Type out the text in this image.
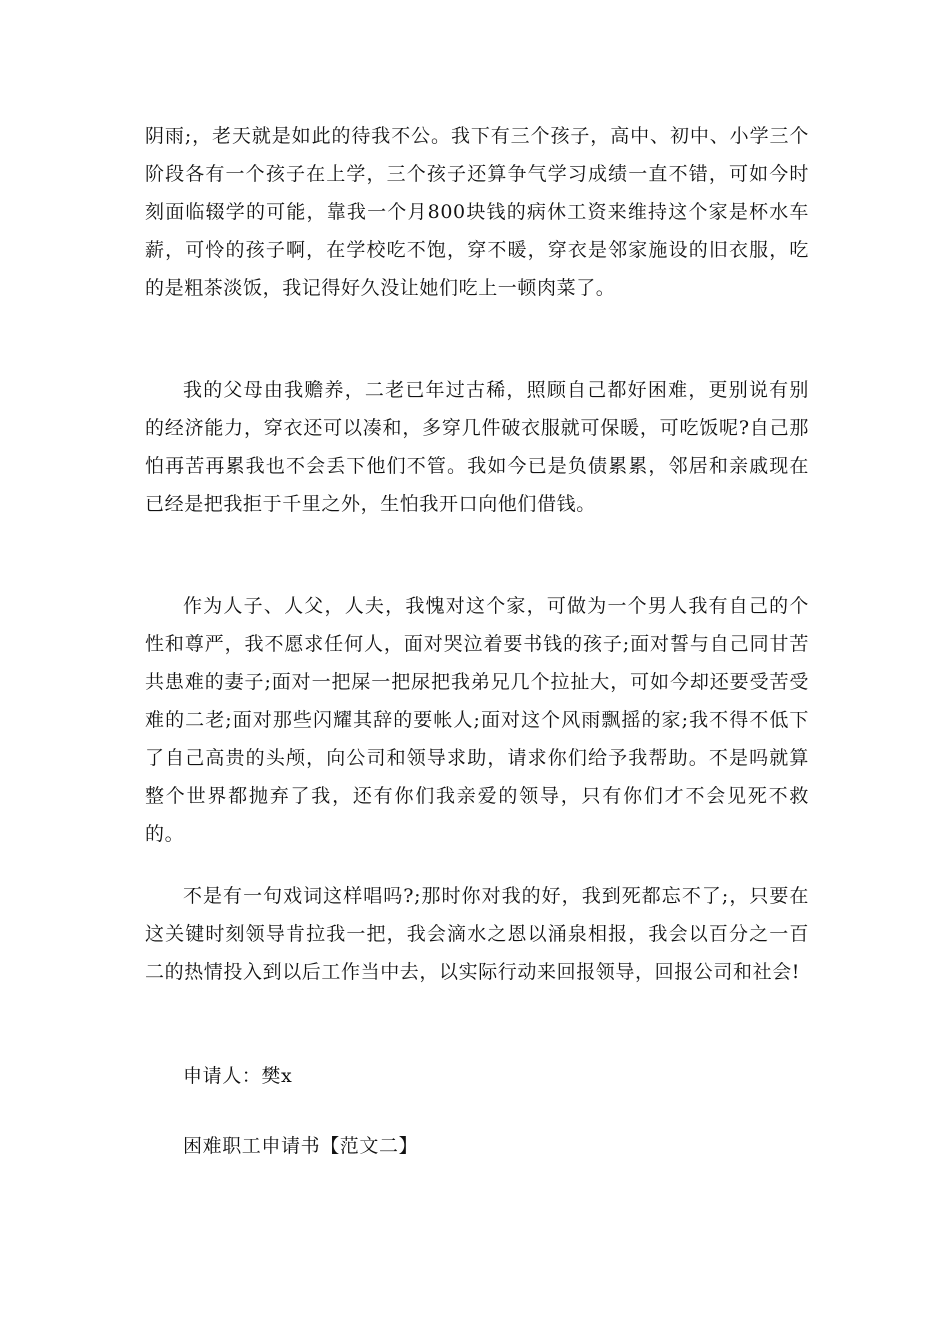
阴雨;，老天就是如此的待我不公。我下有三个孩子，高中、初中、小学三个阶段各有一个孩子在上学，三个孩子还算争气学习成绩一直不错，可如今时刻面临辍学的可能，靠我一个月800块钱的病休工资来维持这个家是杯水车薪，可怜的孩子啊，在学校吃不饱，穿不暖，穿衣是邻家施设的旧衣服，吃的是粗茶淡饭，我记得好久没让她们吃上一顿肉菜了。

我的父母由我赡养，二老已年过古稀，照顾自己都好困难，更别说有别的经济能力，穿衣还可以凑和，多穿几件破衣服就可保暖，可吃饭呢?自己那怕再苦再累我也不会丢下他们不管。我如今已是负债累累，邻居和亲戚现在已经是把我拒于千里之外，生怕我开口向他们借钱。

作为人子、人父，人夫，我愧对这个家，可做为一个男人我有自己的个性和尊严，我不愿求任何人，面对哭泣着要书钱的孩子;面对誓与自己同甘苦共患难的妻子;面对一把屎一把尿把我弟兄几个拉扯大，可如今却还要受苦受难的二老;面对那些闪耀其辞的要帐人;面对这个风雨飘摇的家;我不得不低下了自己高贵的头颅，向公司和领导求助，请求你们给予我帮助。不是吗就算整个世界都抛弃了我，还有你们我亲爱的领导，只有你们才不会见死不救的。

不是有一句戏词这样唱吗?;那时你对我的好，我到死都忘不了;，只要在这关键时刻领导肯拉我一把，我会滴水之恩以涌泉相报，我会以百分之一百二的热情投入到以后工作当中去，以实际行动来回报领导，回报公司和社会!

申请人：樊x

困难职工申请书【范文二】
